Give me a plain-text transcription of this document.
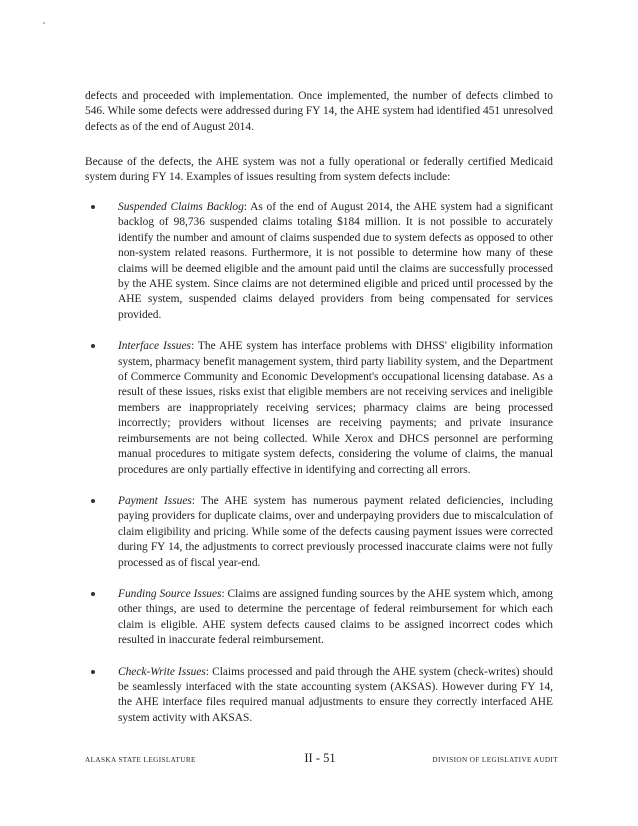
defects and proceeded with implementation. Once implemented, the number of defects climbed to 546. While some defects were addressed during FY 14, the AHE system had identified 451 unresolved defects as of the end of August 2014.

Because of the defects, the AHE system was not a fully operational or federally certified Medicaid system during FY 14. Examples of issues resulting from system defects include:

Suspended Claims Backlog: As of the end of August 2014, the AHE system had a significant backlog of 98,736 suspended claims totaling $184 million. It is not possible to accurately identify the number and amount of claims suspended due to system defects as opposed to other non-system related reasons. Furthermore, it is not possible to determine how many of these claims will be deemed eligible and the amount paid until the claims are successfully processed by the AHE system. Since claims are not determined eligible and priced until processed by the AHE system, suspended claims delayed providers from being compensated for services provided.
Interface Issues: The AHE system has interface problems with DHSS' eligibility information system, pharmacy benefit management system, third party liability system, and the Department of Commerce Community and Economic Development's occupational licensing database. As a result of these issues, risks exist that eligible members are not receiving services and ineligible members are inappropriately receiving services; pharmacy claims are being processed incorrectly; providers without licenses are receiving payments; and private insurance reimbursements are not being collected. While Xerox and DHCS personnel are performing manual procedures to mitigate system defects, considering the volume of claims, the manual procedures are only partially effective in identifying and correcting all errors.
Payment Issues: The AHE system has numerous payment related deficiencies, including paying providers for duplicate claims, over and underpaying providers due to miscalculation of claim eligibility and pricing. While some of the defects causing payment issues were corrected during FY 14, the adjustments to correct previously processed inaccurate claims were not fully processed as of fiscal year-end.
Funding Source Issues: Claims are assigned funding sources by the AHE system which, among other things, are used to determine the percentage of federal reimbursement for which each claim is eligible. AHE system defects caused claims to be assigned incorrect codes which resulted in inaccurate federal reimbursement.
Check-Write Issues: Claims processed and paid through the AHE system (check-writes) should be seamlessly interfaced with the state accounting system (AKSAS). However during FY 14, the AHE interface files required manual adjustments to ensure they correctly interfaced AHE system activity with AKSAS.
ALASKA STATE LEGISLATURE	II - 51	DIVISION OF LEGISLATIVE AUDIT
